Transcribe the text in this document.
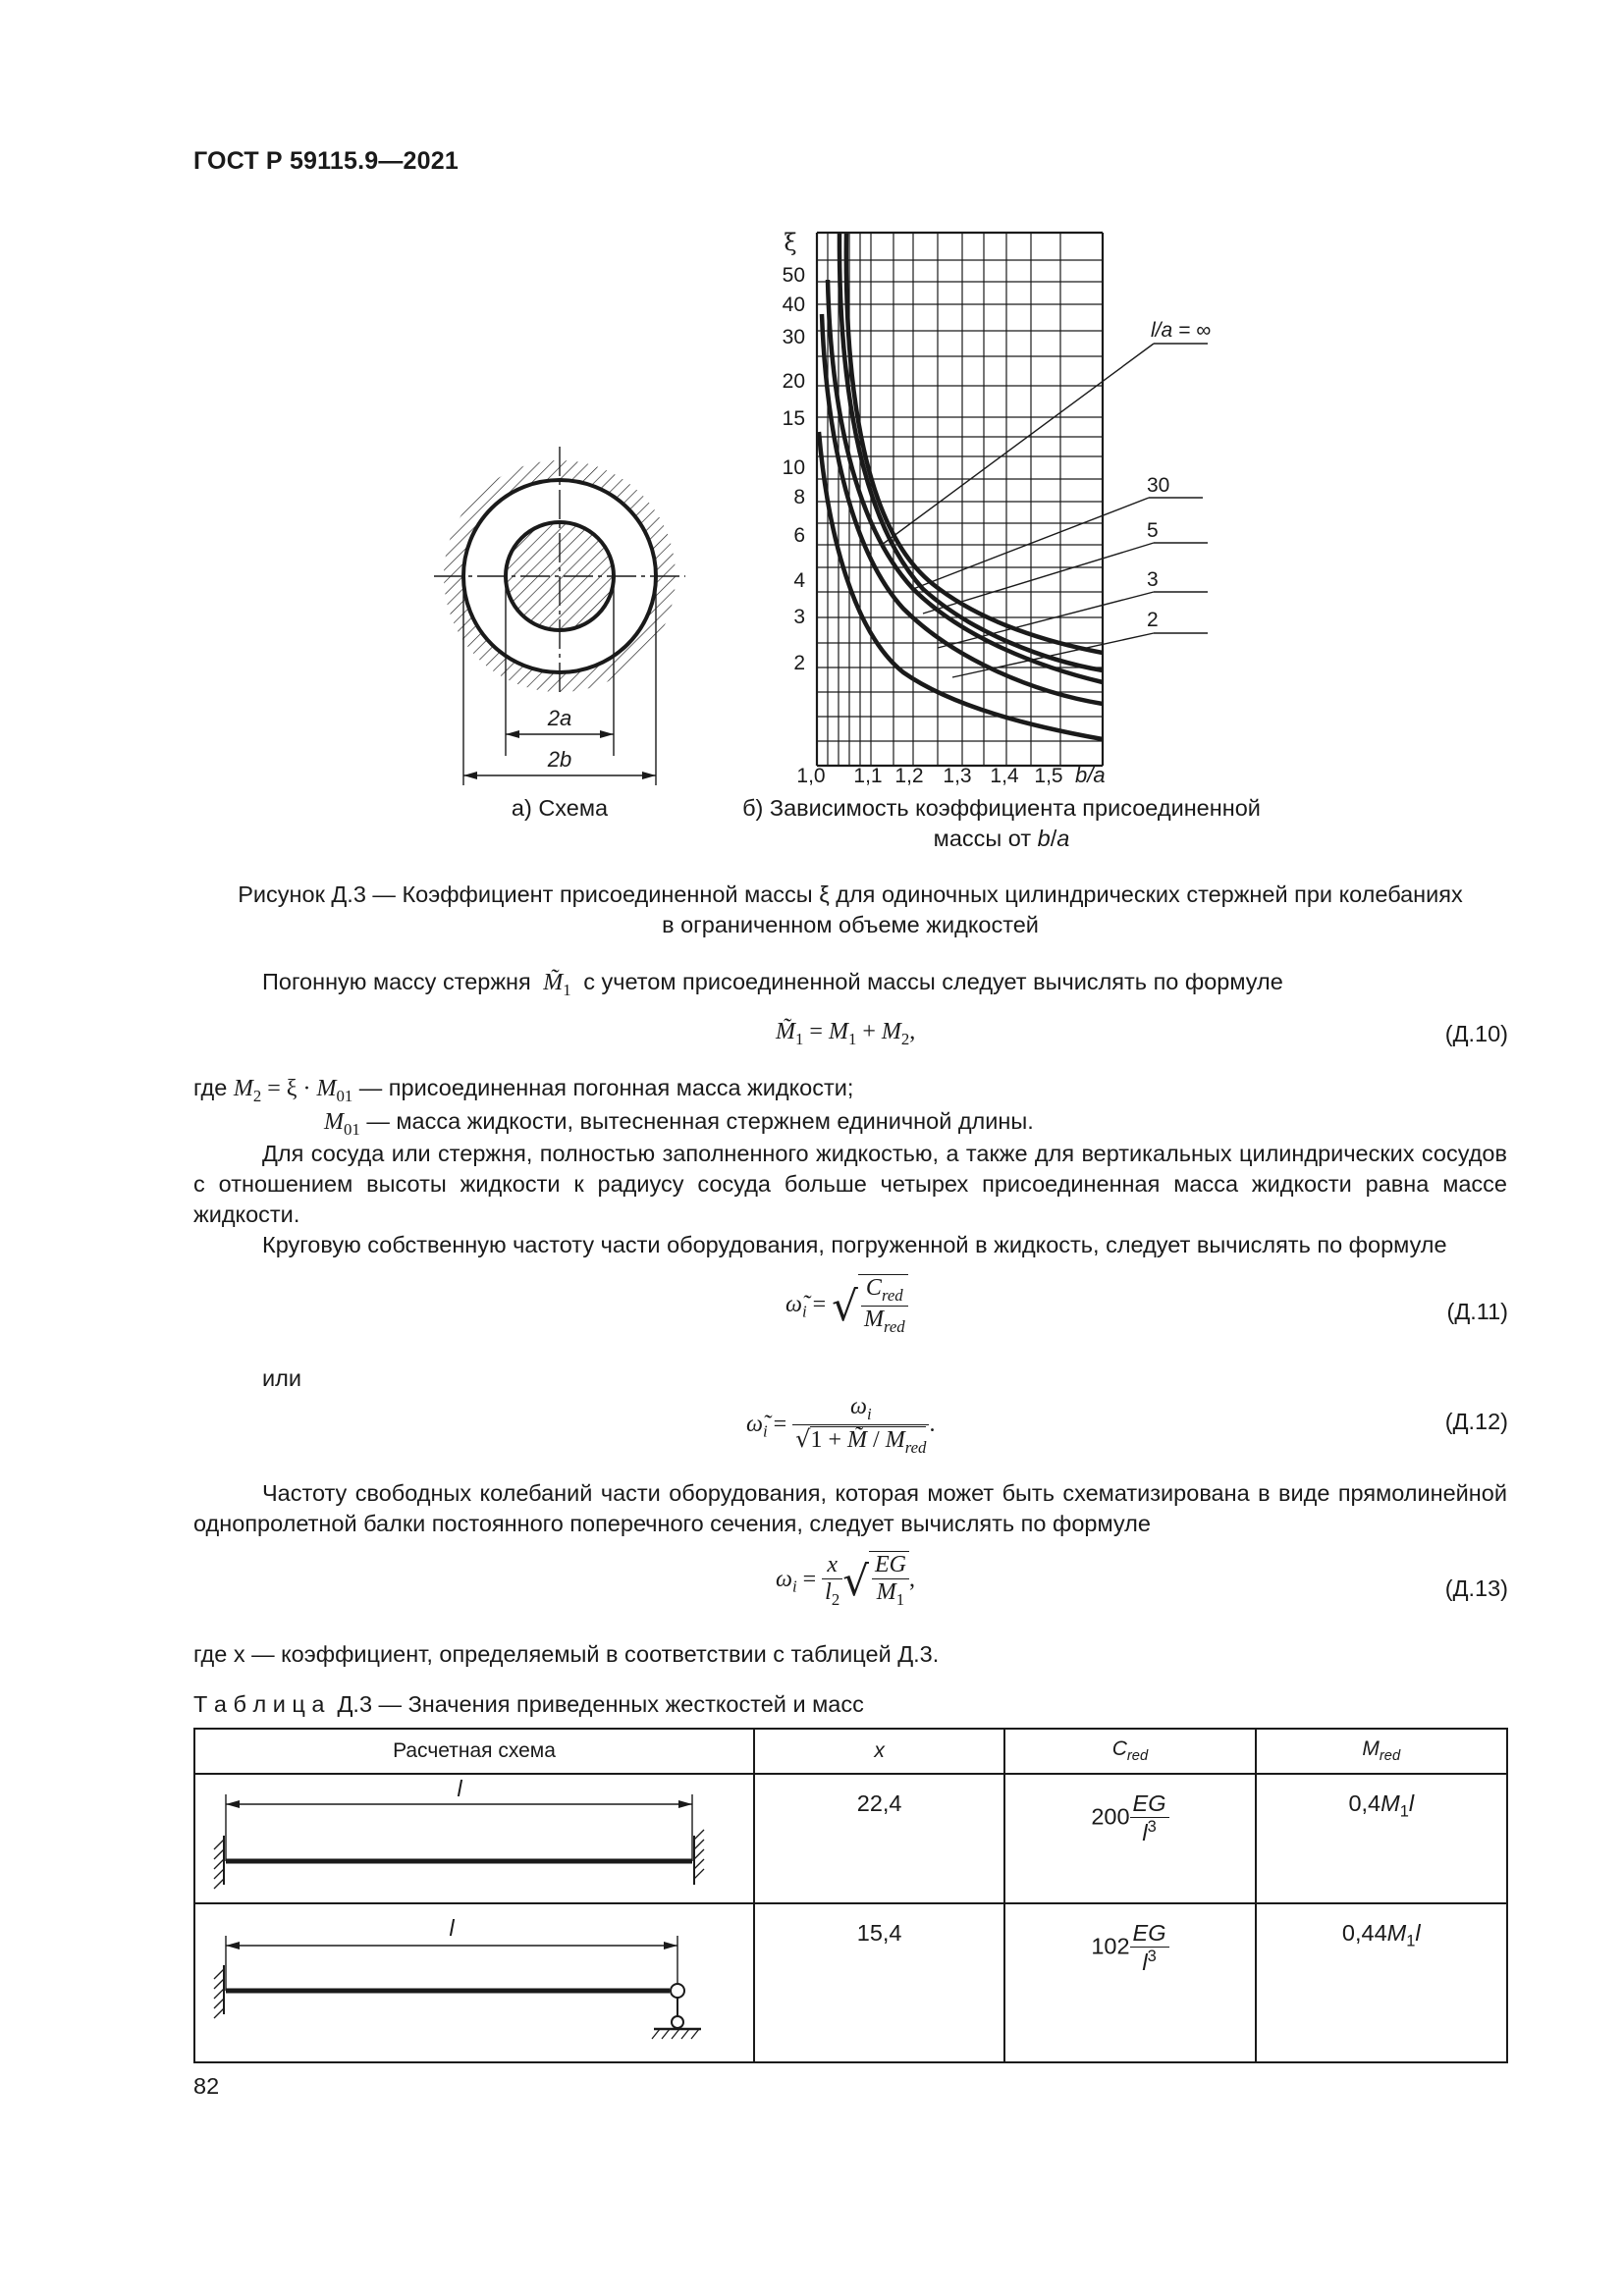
ГОСТ Р 59115.9—2021
2a
2b
а) Схема
ξ
50
40
30
20
15
10
8
6
4
3
2
1,0 1,1 1,2 1,3 1,4 1,5 b/a
l/a = ∞
30
5
3
2
б) Зависимость коэффициента присоединенной
массы от b/a
Рисунок Д.3 — Коэффициент присоединенной массы ξ для одиночных цилиндрических стержней при колебаниях
в ограниченном объеме жидкостей
Погонную массу стержня $M̃_1$ с учетом присоединенной массы следует вычислять по формуле
$M̃_1 = M_1 + M_2$,	(Д.10)
где $M_2 = \xi \cdot M_{01}$ — присоединенная погонная масса жидкости;
$M_{01}$ — масса жидкости, вытесненная стержнем единичной длины.
Для сосуда или стержня, полностью заполненного жидкостью, а также для вертикальных цилиндрических сосудов с отношением высоты жидкости к радиусу сосуда больше четырех присоединенная масса жидкости равна массе жидкости.
Круговую собственную частоту части оборудования, погруженной в жидкость, следует вычислять по формуле
$\omegã_i$ = √ $\frac{C_{red}}{M_{red}}$	(Д.11)
или
$\omegã_i = \frac{\omega_i}{√1 + M̃ / M_{red}}$ .	(Д.12)
Частоту свободных колебаний части оборудования, которая может быть схематизирована в виде прямолинейной однопролетной балки постоянного поперечного сечения, следует вычислять по формуле
$\omega_i = \frac{x}{l_2}$ √ $\frac{EG}{M_1}$ ,	(Д.13)
где x — коэффициент, определяемый в соответствии с таблицей Д.3.
Т а б л и ц а Д.3 — Значения приведенных жесткостей и масс
Расчетная схема	x	$C_{red}$	$M_{red}$

l	22,4	$200 \frac{EG}{l^3}$	$0,4M_1l$

l	15,4	$102 \frac{EG}{l^3}$	$0,44M_1l$
82
